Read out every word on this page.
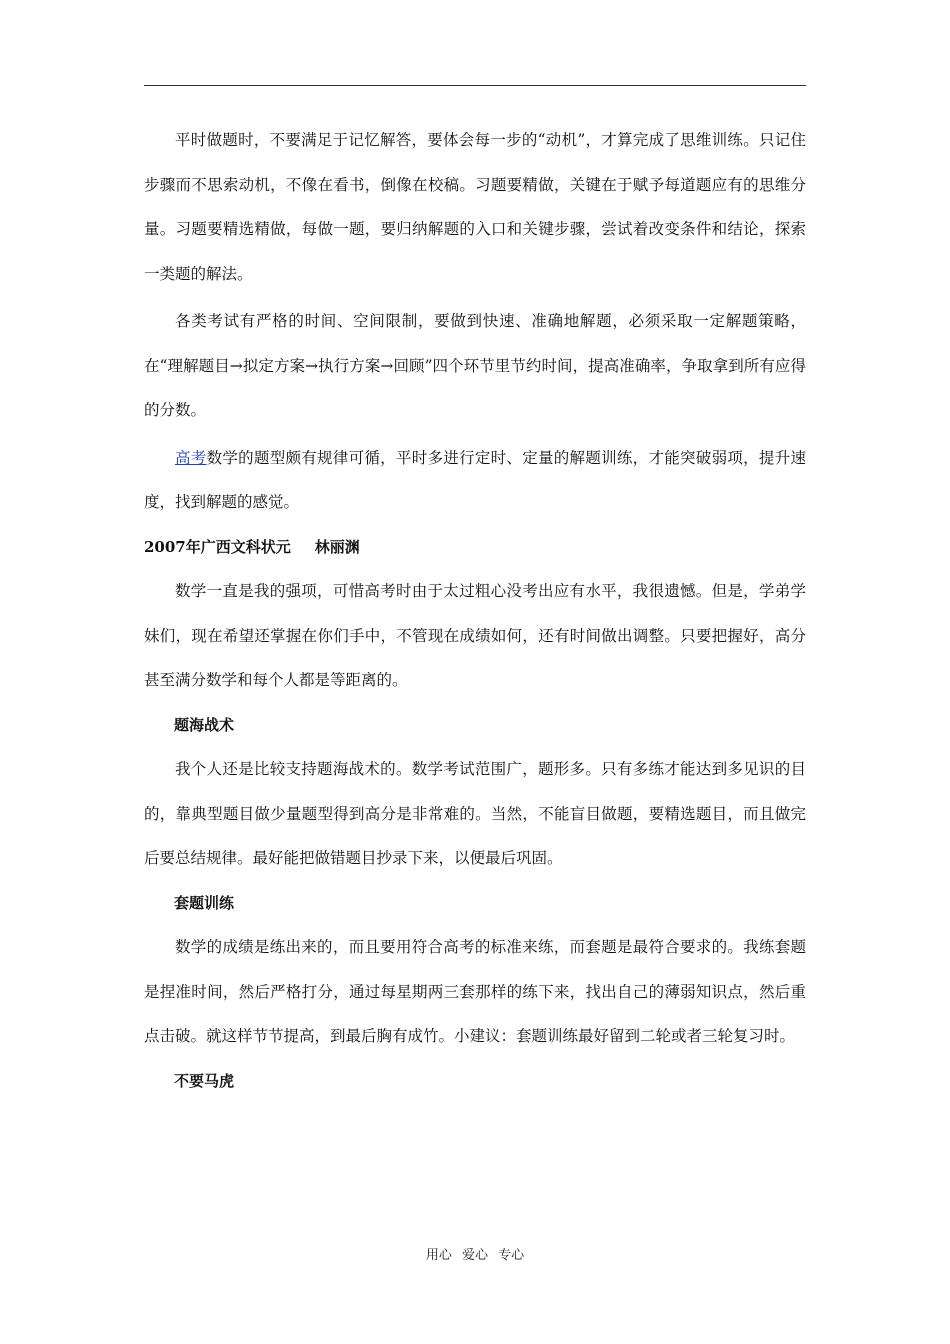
平时做题时，不要满足于记忆解答，要体会每一步的“动机”，才算完成了思维训练。只记住步骤而不思索动机，不像在看书，倒像在校稿。习题要精做，关键在于赋予每道题应有的思维分量。习题要精选精做，每做一题，要归纳解题的入口和关键步骤，尝试着改变条件和结论，探索一类题的解法。

各类考试有严格的时间、空间限制，要做到快速、准确地解题，必须采取一定解题策略，在“理解题目→拟定方案→执行方案→回顾”四个环节里节约时间，提高准确率，争取拿到所有应得的分数。

高考数学的题型颇有规律可循，平时多进行定时、定量的解题训练，才能突破弱项，提升速度，找到解题的感觉。

2007年广西文科状元 林丽渊

数学一直是我的强项，可惜高考时由于太过粗心没考出应有水平，我很遗憾。但是，学弟学妹们，现在希望还掌握在你们手中，不管现在成绩如何，还有时间做出调整。只要把握好，高分甚至满分数学和每个人都是等距离的。

题海战术

我个人还是比较支持题海战术的。数学考试范围广，题形多。只有多练才能达到多见识的目的，靠典型题目做少量题型得到高分是非常难的。当然，不能盲目做题，要精选题目，而且做完后要总结规律。最好能把做错题目抄录下来，以便最后巩固。

套题训练

数学的成绩是练出来的，而且要用符合高考的标准来练，而套题是最符合要求的。我练套题是捏准时间，然后严格打分，通过每星期两三套那样的练下来，找出自己的薄弱知识点，然后重点击破。就这样节节提高，到最后胸有成竹。小建议：套题训练最好留到二轮或者三轮复习时。

不要马虎

用心 爱心 专心
